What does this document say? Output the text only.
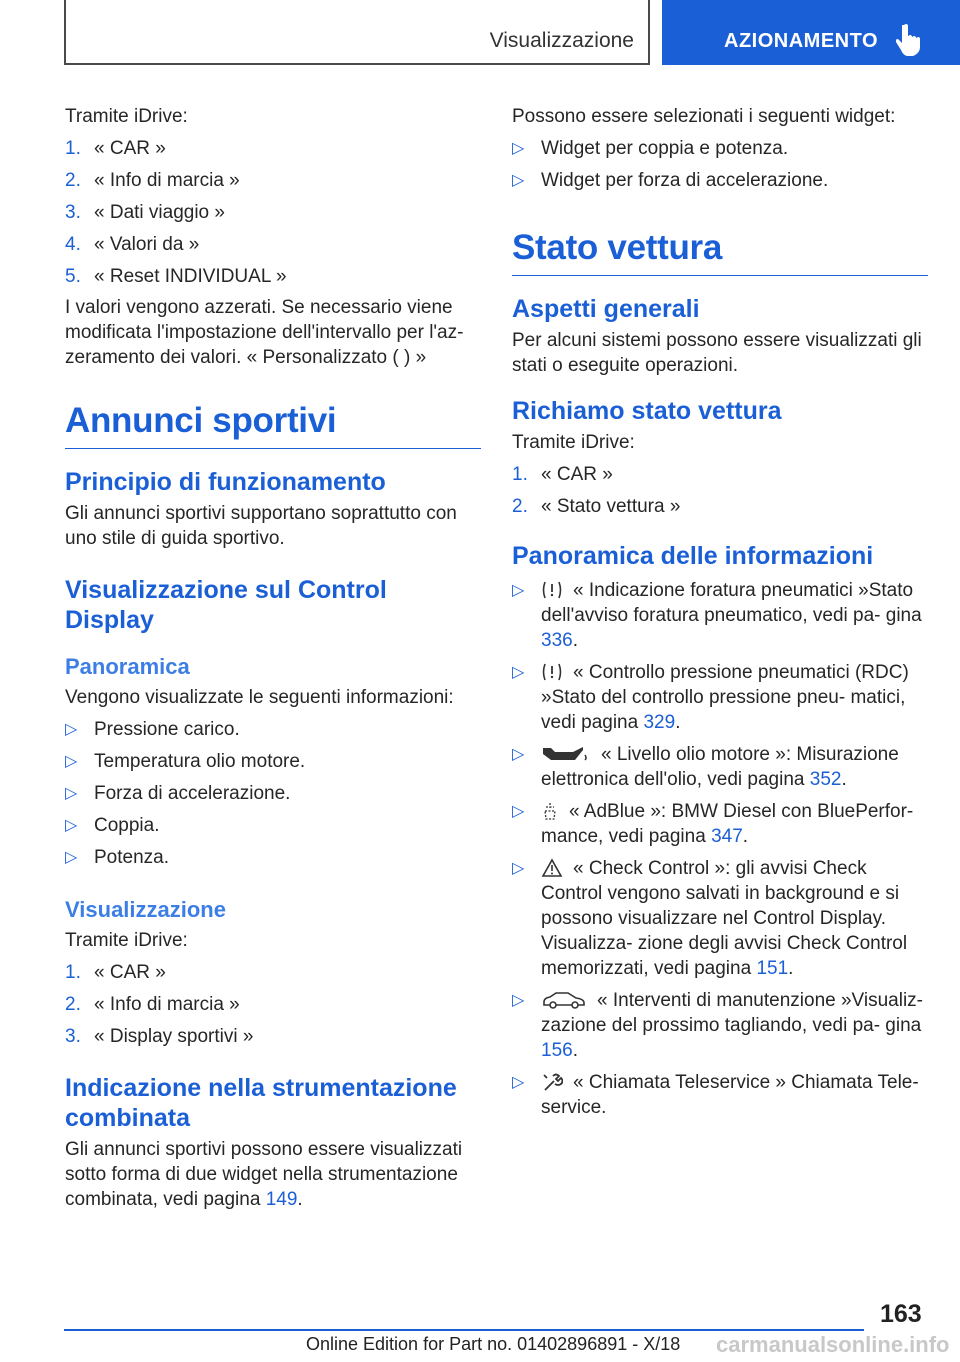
Visualizzazione	AZIONAMENTO

Tramite iDrive:

1. « CAR »
2. « Info di marcia »
3. « Dati viaggio »
4. « Valori da »
5. « Reset INDIVIDUAL »

I valori vengono azzerati. Se necessario viene modificata l'impostazione dell'intervallo per l'az- zeramento dei valori. « Personalizzato ( ) »

Annunci sportivi
Principio di funzionamento

Gli annunci sportivi supportano soprattutto con uno stile di guida sportivo.

Visualizzazione sul Control Display
Panoramica

Vengono visualizzate le seguenti informazioni:

▷ Pressione carico.
▷ Temperatura olio motore.
▷ Forza di accelerazione.
▷ Coppia.
▷ Potenza.
Visualizzazione

Tramite iDrive:

1. « CAR »
2. « Info di marcia »
3. « Display sportivi »
Indicazione nella strumentazione combinata

Gli annunci sportivi possono essere visualizzati sotto forma di due widget nella strumentazione combinata, vedi pagina 149.

Possono essere selezionati i seguenti widget:

▷ Widget per coppia e potenza.
▷ Widget per forza di accelerazione.
Stato vettura
Aspetti generali

Per alcuni sistemi possono essere visualizzati gli stati o eseguite operazioni.

Richiamo stato vettura

Tramite iDrive:

1. « CAR »
2. « Stato vettura »
Panoramica delle informazioni
▷	« Indicazione foratura pneumatici »Stato dell'avviso foratura pneumatico, vedi pa- gina 336.
▷	« Controllo pressione pneumatici (RDC) »Stato del controllo pressione pneu- matici, vedi pagina 329.
▷	« Livello olio motore »: Misurazione elettronica dell'olio, vedi pagina 352.
▷ « AdBlue »: BMW Diesel con BluePerfor- mance, vedi pagina 347.
▷	« Check Control »: gli avvisi Check Control vengono salvati in background e si possono visualizzare nel Control Display. Visualizza- zione degli avvisi Check Control memorizzati, vedi pagina 151.
▷	« Interventi di manutenzione »Visualiz- zazione del prossimo tagliando, vedi pa- gina 156.
▷	« Chiamata Teleservice » Chiamata Tele- service.
163
Online Edition for Part no. 01402896891 - X/18 carmanualsonline.info
